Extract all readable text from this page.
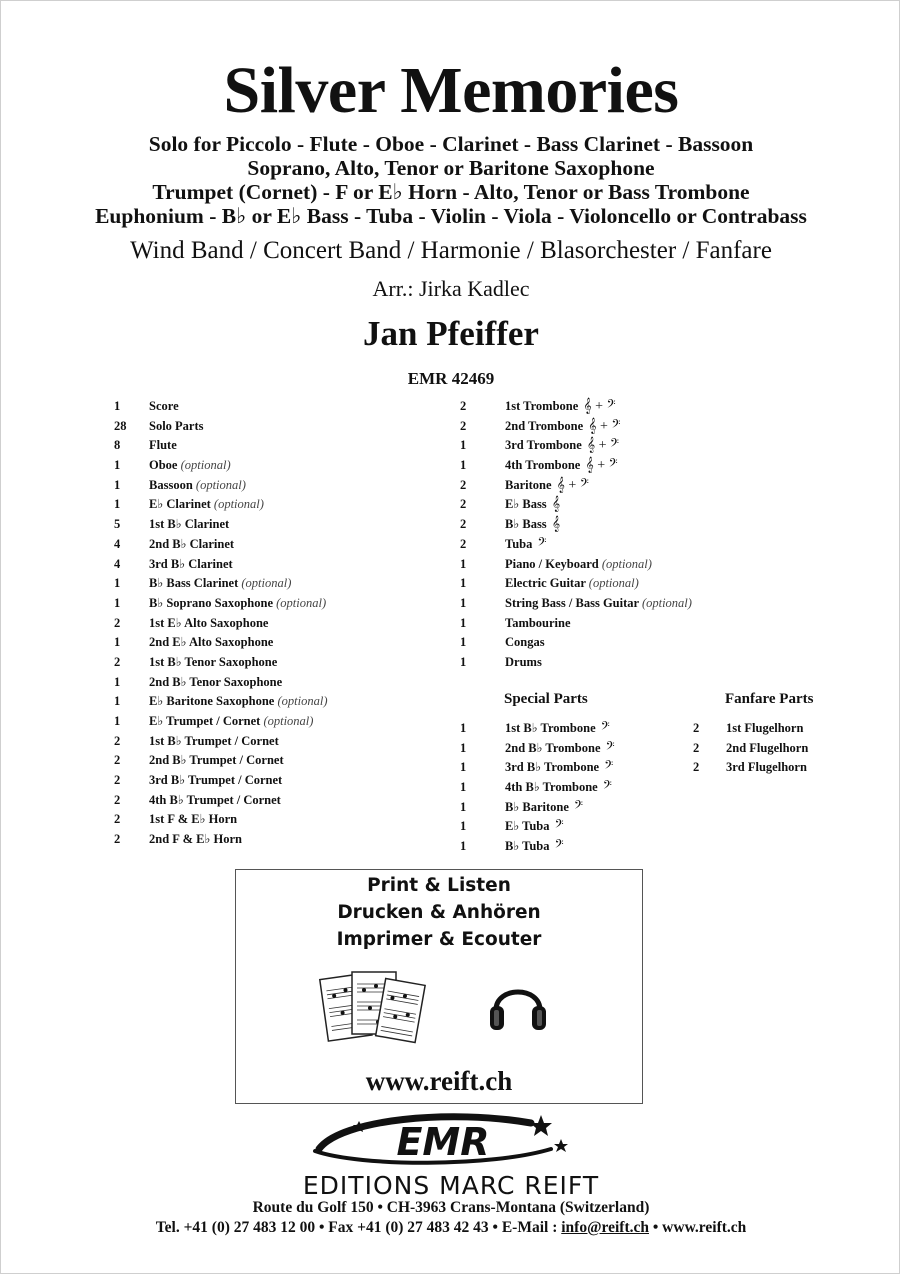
Silver Memories
Solo for Piccolo - Flute - Oboe - Clarinet - Bass Clarinet - Bassoon
Soprano, Alto, Tenor or Baritone Saxophone
Trumpet (Cornet) - F or E♭ Horn - Alto, Tenor or Bass Trombone
Euphonium - B♭ or E♭ Bass - Tuba - Violin - Viola - Violoncello or Contrabass
Wind Band / Concert Band / Harmonie / Blasorchester / Fanfare
Arr.: Jirka Kadlec
Jan Pfeiffer
EMR 42469
1 Score
28 Solo Parts
8 Flute
1 Oboe (optional)
1 Bassoon (optional)
1 E♭ Clarinet (optional)
5 1st B♭ Clarinet
4 2nd B♭ Clarinet
4 3rd B♭ Clarinet
1 B♭ Bass Clarinet (optional)
1 B♭ Soprano Saxophone (optional)
2 1st E♭ Alto Saxophone
1 2nd E♭ Alto Saxophone
2 1st B♭ Tenor Saxophone
1 2nd B♭ Tenor Saxophone
1 E♭ Baritone Saxophone (optional)
1 E♭ Trumpet / Cornet (optional)
2 1st B♭ Trumpet / Cornet
2 2nd B♭ Trumpet / Cornet
2 3rd B♭ Trumpet / Cornet
2 4th B♭ Trumpet / Cornet
2 1st F & E♭ Horn
2 2nd F & E♭ Horn
2	1st Trombone 𝄞 + 𝄢
2	2nd Trombone 𝄞 + 𝄢
1	3rd Trombone 𝄞 + 𝄢
1	4th Trombone 𝄞 + 𝄢
2	Baritone 𝄞 + 𝄢
2	E♭ Bass 𝄞
2	B♭ Bass 𝄞
2	Tuba 𝄢
1	Piano / Keyboard (optional)
1	Electric Guitar (optional)
1	String Bass / Bass Guitar (optional)
1	Tambourine
1	Congas
1	Drums
Special Parts
1	1st B♭ Trombone 𝄢
1	2nd B♭ Trombone 𝄢
1	3rd B♭ Trombone 𝄢
1	4th B♭ Trombone 𝄢
1	B♭ Baritone 𝄢
1	E♭ Tuba 𝄢
1	B♭ Tuba 𝄢
Fanfare Parts
2 1st Flugelhorn
2 2nd Flugelhorn
2 3rd Flugelhorn
Print & Listen
Drucken & Anhören
Imprimer & Ecouter
www.reift.ch
EMR
EDITIONS MARC REIFT
Route du Golf 150 • CH-3963 Crans-Montana (Switzerland)
Tel. +41 (0) 27 483 12 00 • Fax +41 (0) 27 483 42 43 • E-Mail : info@reift.ch • www.reift.ch
